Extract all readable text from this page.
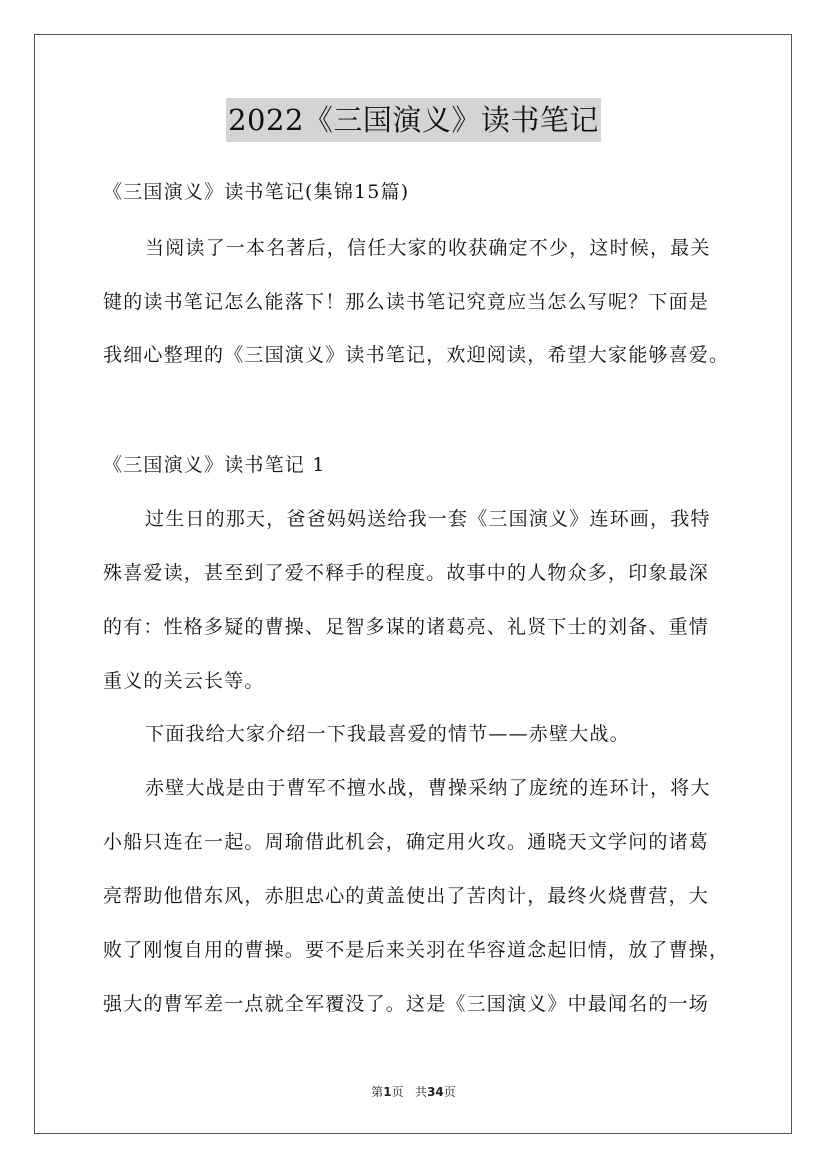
2022《三国演义》读书笔记
《三国演义》读书笔记(集锦15篇)
当阅读了一本名著后，信任大家的收获确定不少，这时候，最关
键的读书笔记怎么能落下！那么读书笔记究竟应当怎么写呢？下面是
我细心整理的《三国演义》读书笔记，欢迎阅读，希望大家能够喜爱。
《三国演义》读书笔记 1
过生日的那天，爸爸妈妈送给我一套《三国演义》连环画，我特
殊喜爱读，甚至到了爱不释手的程度。故事中的人物众多，印象最深
的有：性格多疑的曹操、足智多谋的诸葛亮、礼贤下士的刘备、重情
重义的关云长等。
下面我给大家介绍一下我最喜爱的情节——赤壁大战。
赤壁大战是由于曹军不擅水战，曹操采纳了庞统的连环计，将大
小船只连在一起。周瑜借此机会，确定用火攻。通晓天文学问的诸葛
亮帮助他借东风，赤胆忠心的黄盖使出了苦肉计，最终火烧曹营，大
败了刚愎自用的曹操。要不是后来关羽在华容道念起旧情，放了曹操，
强大的曹军差一点就全军覆没了。这是《三国演义》中最闻名的一场
第1页 共34页
